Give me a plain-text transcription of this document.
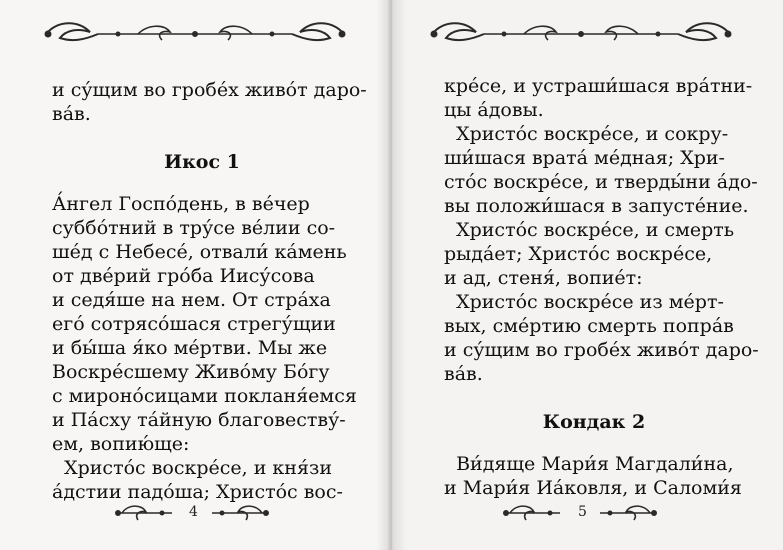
и су́щим во гробе́х живо́т даро-
ва́в.
Икос 1
А́нгел Госпо́день, в ве́чер
суббо́тний в тру́се ве́лии со-
ше́д с Небесе́, отвали́ ка́мень
от две́рий гро́ба Иису́сова
и седя́ше на нем. От стра́ха
его́ сотрясо́шася стрегу́щии
и бы́ша я́ко ме́ртви. Мы же
Воскре́сшему Живо́му Бо́гу
с мироно́сицами покланя́емся
и Па́сху та́йную благовеству́-
ем, вопию́ще:
Христо́с воскре́се, и кня́зи
а́дстии падо́ша; Христо́с вос-
4
кре́се, и устраши́шася вра́тни-
цы а́довы.
Христо́с воскре́се, и сокру-
ши́шася врата́ ме́дная; Хри-
сто́с воскре́се, и тверды́ни а́до-
вы положи́шася в запусте́ние.
Христо́с воскре́се, и смерть
рыда́ет; Христо́с воскре́се,
и ад, стеня́, вопие́т:
Христо́с воскре́се из ме́рт-
вых, сме́ртию смерть попра́в
и су́щим во гробе́х живо́т даро-
ва́в.
Кондак 2
Ви́дяще Мари́я Магдали́на,
и Мари́я Иа́ковля, и Саломи́я
5
